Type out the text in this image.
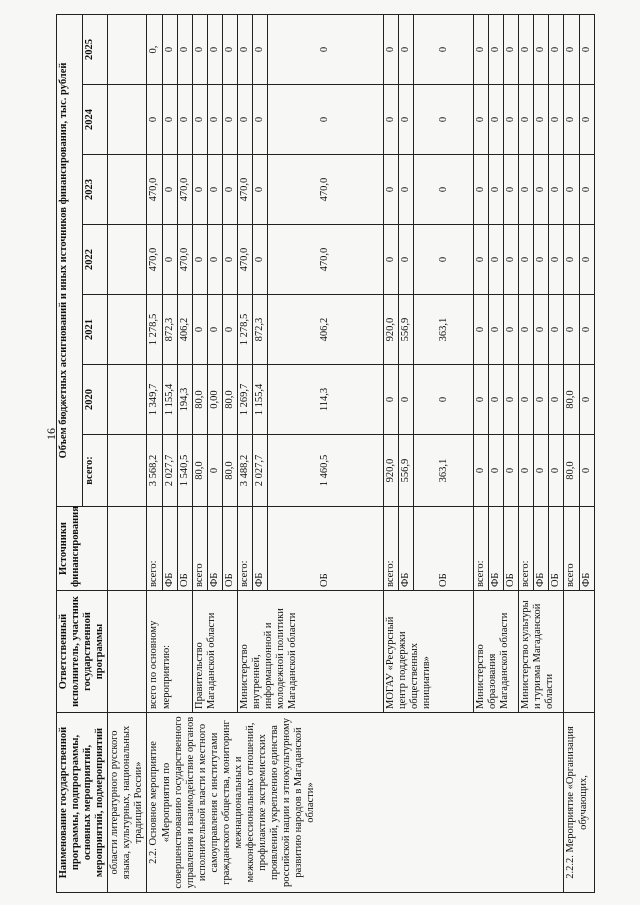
16
Наименование государственной программы, подпрограммы, основных мероприятий, мероприятий, подмероприятий	Ответственный исполнитель, участник государственной программы	Источники финансирования	Объем бюджетных ассигнований и иных источников финансирования, тыс. рублей						
			всего:	2020	2021	2022	2023	2024	2025
области литературного русского языка, культурных, национальных традиций России»									
2.2. Основное мероприятие «Мероприятия по совершенствованию государственного управления и взаимодействие органов исполнительной власти и местного самоуправления с институтами гражданского общества, мониторинг межнациональных и межконфессиональных отношений, профилактике экстремистских проявлений, укреплению единства российской нации и этнокультурному развитию народов в Магаданской области»	всего по основному мероприятию:	всего:	3 568,2	1 349,7	1 278,5	470,0	470,0	0	0,
		ФБ	2 027,7	1 155,4	872,3	0	0	0	0
		ОБ	1 540,5	194,3	406,2	470,0	470,0	0	0
	Правительство Магаданской области	всего	80,0	80,0	0	0	0	0	0
		ФБ	0	0,00	0	0	0	0	0
		ОБ	80,0	80,0	0	0	0	0	0
	Министерство внутренней, информационной и молодежной политики Магаданской области	всего:	3 488,2	1 269,7	1 278,5	470,0	470,0	0	0
		ФБ	2 027,7	1 155,4	872,3	0	0	0	0
		ОБ	1 460,5	114,3	406,2	470,0	470,0	0	0
	МОГАУ «Ресурсный центр поддержки общественных инициатив»	всего:	920,0	0	920,0	0	0	0	0
		ФБ	556,9	0	556,9	0	0	0	0
		ОБ	363,1	0	363,1	0	0	0	0
	Министерство образования Магаданской области	всего:	0	0	0	0	0	0	0
		ФБ	0	0	0	0	0	0	0
		ОБ	0	0	0	0	0	0	0
	Министерство культуры и туризма Магаданской области	всего:	0	0	0	0	0	0	0
		ФБ	0	0	0	0	0	0	0
		ОБ	0	0	0	0	0	0	0
2.2.2. Мероприятие «Организация обучающих,		всего	80,0	80,0	0	0	0	0	0
		ФБ	0	0	0	0	0	0	0
